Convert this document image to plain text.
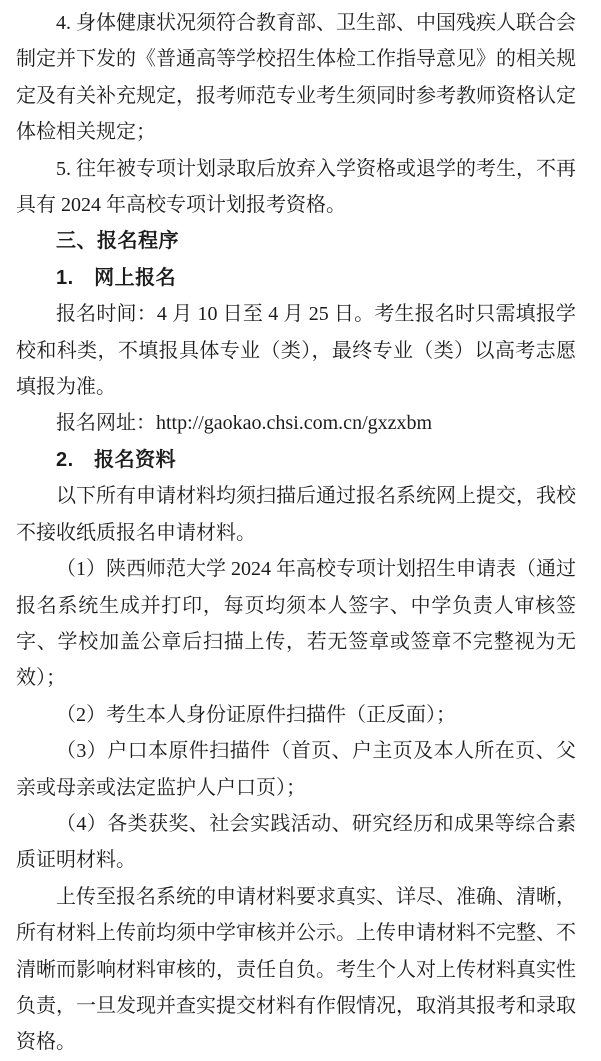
4. 身体健康状况须符合教育部、卫生部、中国残疾人联合会制定并下发的《普通高等学校招生体检工作指导意见》的相关规定及有关补充规定，报考师范专业考生须同时参考教师资格认定体检相关规定；

5. 往年被专项计划录取后放弃入学资格或退学的考生，不再具有 2024 年高校专项计划报考资格。

三、报名程序

1.　网上报名

报名时间：4 月 10 日至 4 月 25 日。考生报名时只需填报学校和科类，不填报具体专业（类），最终专业（类）以高考志愿填报为准。

报名网址：http://gaokao.chsi.com.cn/gxzxbm

2.　报名资料

以下所有申请材料均须扫描后通过报名系统网上提交，我校不接收纸质报名申请材料。

（1）陕西师范大学 2024 年高校专项计划招生申请表（通过报名系统生成并打印，每页均须本人签字、中学负责人审核签字、学校加盖公章后扫描上传，若无签章或签章不完整视为无效）；

（2）考生本人身份证原件扫描件（正反面）；

（3）户口本原件扫描件（首页、户主页及本人所在页、父亲或母亲或法定监护人户口页）；

（4）各类获奖、社会实践活动、研究经历和成果等综合素质证明材料。

上传至报名系统的申请材料要求真实、详尽、准确、清晰，所有材料上传前均须中学审核并公示。上传申请材料不完整、不清晰而影响材料审核的，责任自负。考生个人对上传材料真实性负责，一旦发现并查实提交材料有作假情况，取消其报考和录取资格。
